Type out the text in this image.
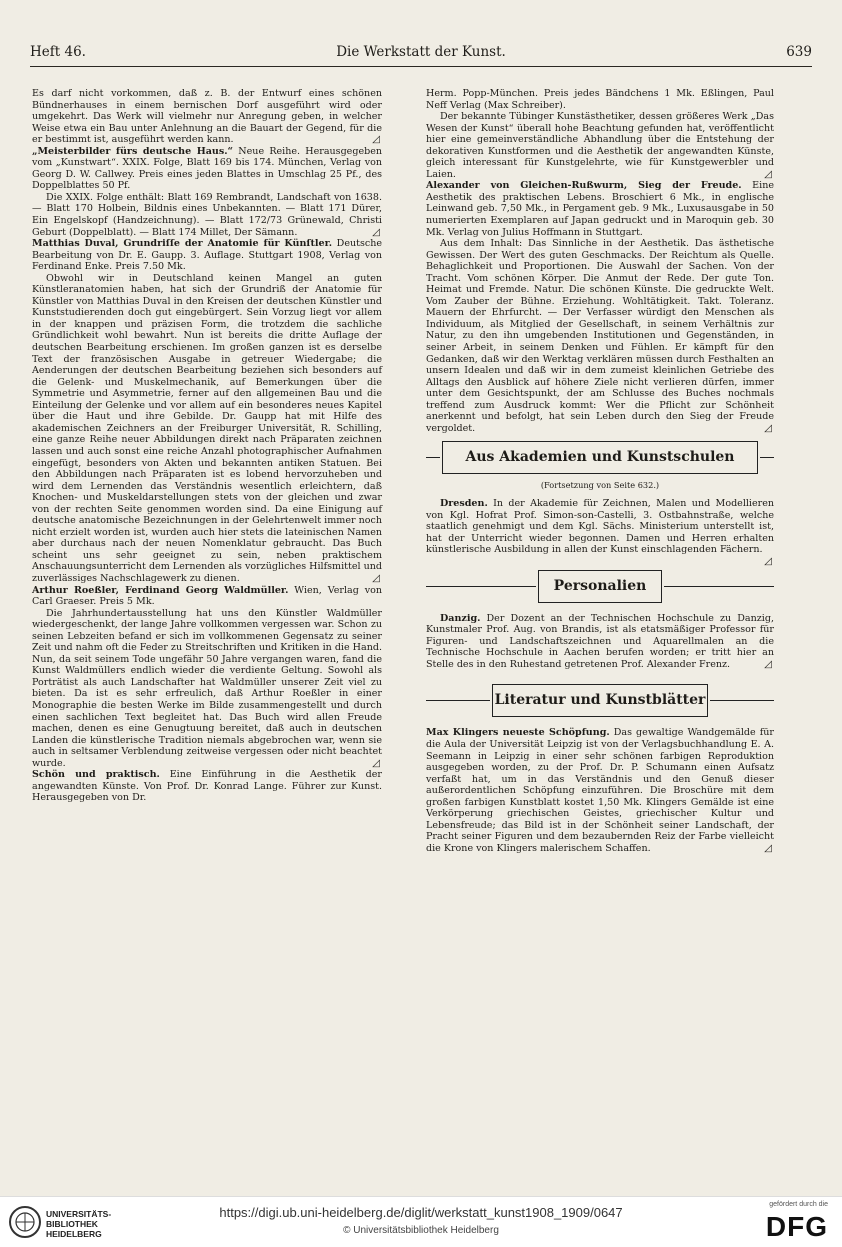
Heft 46.	Die Werkstatt der Kunst.	639

Es darf nicht vorkommen, daß z. B. der Entwurf eines schönen Bündnerhauses in einem bernischen Dorf ausgeführt wird oder umgekehrt. Das Werk will vielmehr nur Anregung geben, in welcher Weise etwa ein Bau unter Anlehnung an die Bauart der Gegend, für die er bestimmt ist, ausgeführt werden kann.	◿

„Meisterbilder fürs deutsche Haus.“ Neue Reihe. Herausgegeben vom „Kunstwart“. XXIX. Folge, Blatt 169 bis 174. München, Verlag von Georg D. W. Callwey. Preis eines jeden Blattes in Umschlag 25 Pf., des Doppelblattes 50 Pf.

Die XXIX. Folge enthält: Blatt 169 Rembrandt, Landschaft von 1638. — Blatt 170 Holbein, Bildnis eines Unbekannten. — Blatt 171 Dürer, Ein Engelskopf (Handzeichnung). — Blatt 172/73 Grünewald, Christi Geburt (Doppelblatt). — Blatt 174 Millet, Der Sämann.	◿

Matthias Duval, Grundriſſe der Anatomie für Künſtler. Deutsche Bearbeitung von Dr. E. Gaupp. 3. Auflage. Stuttgart 1908, Verlag von Ferdinand Enke. Preis 7.50 Mk.

Obwohl wir in Deutschland keinen Mangel an guten Künstleranatomien haben, hat sich der Grundriß der Anatomie für Künstler von Matthias Duval in den Kreisen der deutschen Künstler und Kunststudierenden doch gut eingebürgert. Sein Vorzug liegt vor allem in der knappen und präzisen Form, die trotzdem die sachliche Gründlichkeit wohl bewahrt. Nun ist bereits die dritte Auflage der deutschen Bearbeitung erschienen. Im großen ganzen ist es derselbe Text der französischen Ausgabe in getreuer Wiedergabe; die Aenderungen der deutschen Bearbeitung beziehen sich besonders auf die Gelenk- und Muskelmechanik, auf Bemerkungen über die Symmetrie und Asymmetrie, ferner auf den allgemeinen Bau und die Einteilung der Gelenke und vor allem auf ein besonderes neues Kapitel über die Haut und ihre Gebilde. Dr. Gaupp hat mit Hilfe des akademischen Zeichners an der Freiburger Universität, R. Schilling, eine ganze Reihe neuer Abbildungen direkt nach Präparaten zeichnen lassen und auch sonst eine reiche Anzahl photographischer Aufnahmen eingefügt, besonders von Akten und bekannten antiken Statuen. Bei den Abbildungen nach Präparaten ist es lobend hervorzuheben und wird dem Lernenden das Verständnis wesentlich erleichtern, daß Knochen- und Muskeldarstellungen stets von der gleichen und zwar von der rechten Seite genommen worden sind. Da eine Einigung auf deutsche anatomische Bezeichnungen in der Gelehrtenwelt immer noch nicht erzielt worden ist, wurden auch hier stets die lateinischen Namen aber durchaus nach der neuen Nomenklatur gebraucht. Das Buch scheint uns sehr geeignet zu sein, neben praktischem Anschauungsunterricht dem Lernenden als vorzügliches Hilfsmittel und zuverlässiges Nachschlagewerk zu dienen.	◿

Arthur Roeßler, Ferdinand Georg Waldmüller. Wien, Verlag von Carl Graeser. Preis 5 Mk.

Die Jahrhundertausstellung hat uns den Künstler Waldmüller wiedergeschenkt, der lange Jahre vollkommen vergessen war. Schon zu seinen Lebzeiten befand er sich im vollkommenen Gegensatz zu seiner Zeit und nahm oft die Feder zu Streitschriften und Kritiken in die Hand. Nun, da seit seinem Tode ungefähr 50 Jahre vergangen waren, fand die Kunst Waldmüllers endlich wieder die verdiente Geltung. Sowohl als Porträtist als auch Landschafter hat Waldmüller unserer Zeit viel zu bieten. Da ist es sehr erfreulich, daß Arthur Roeßler in einer Monographie die besten Werke im Bilde zusammengestellt und durch einen sachlichen Text begleitet hat. Das Buch wird allen Freude machen, denen es eine Genugtuung bereitet, daß auch in deutschen Landen die künstlerische Tradition niemals abgebrochen war, wenn sie auch in seltsamer Verblendung zeitweise vergessen oder nicht beachtet wurde.	◿

Schön und praktisch. Eine Einführung in die Aesthetik der angewandten Künste. Von Prof. Dr. Konrad Lange. Führer zur Kunst. Herausgegeben von Dr.

Herm. Popp-München. Preis jedes Bändchens 1 Mk. Eßlingen, Paul Neff Verlag (Max Schreiber).

Der bekannte Tübinger Kunstästhetiker, dessen größeres Werk „Das Wesen der Kunst“ überall hohe Beachtung gefunden hat, veröffentlicht hier eine gemeinverständliche Abhandlung über die Entstehung der dekorativen Kunstformen und die Aesthetik der angewandten Künste, gleich interessant für Kunstgelehrte, wie für Kunstgewerbler und Laien.	◿

Alexander von Gleichen-Rußwurm, Sieg der Freude. Eine Aesthetik des praktischen Lebens. Broschiert 6 Mk., in englische Leinwand geb. 7,50 Mk., in Pergament geb. 9 Mk., Luxusausgabe in 50 numerierten Exemplaren auf Japan gedruckt und in Maroquin geb. 30 Mk. Verlag von Julius Hoffmann in Stuttgart.

Aus dem Inhalt: Das Sinnliche in der Aesthetik. Das ästhetische Gewissen. Der Wert des guten Geschmacks. Der Reichtum als Quelle. Behaglichkeit und Proportionen. Die Auswahl der Sachen. Von der Tracht. Vom schönen Körper. Die Anmut der Rede. Der gute Ton. Heimat und Fremde. Natur. Die schönen Künste. Die gedruckte Welt. Vom Zauber der Bühne. Erziehung. Wohltätigkeit. Takt. Toleranz. Mauern der Ehrfurcht. — Der Verfasser würdigt den Menschen als Individuum, als Mitglied der Gesellschaft, in seinem Verhältnis zur Natur, zu den ihn umgebenden Institutionen und Gegenständen, in seiner Arbeit, in seinem Denken und Fühlen. Er kämpft für den Gedanken, daß wir den Werktag verklären müssen durch Festhalten an unsern Idealen und daß wir in dem zumeist kleinlichen Getriebe des Alltags den Ausblick auf höhere Ziele nicht verlieren dürfen, immer unter dem Gesichtspunkt, der am Schlusse des Buches nochmals treffend zum Ausdruck kommt: Wer die Pflicht zur Schönheit anerkennt und befolgt, hat sein Leben durch den Sieg der Freude vergoldet.	◿

Aus Akademien und Kunstschulen
(Fortsetzung von Seite 632.)

Dresden. In der Akademie für Zeichnen, Malen und Modellieren von Kgl. Hofrat Prof. Simon-son-Castelli, 3. Ostbahnstraße, welche staatlich genehmigt und dem Kgl. Sächs. Ministerium unterstellt ist, hat der Unterricht wieder begonnen. Damen und Herren erhalten künstlerische Ausbildung in allen der Kunst einschlagenden Fächern.
◿

Personalien

Danzig. Der Dozent an der Technischen Hochschule zu Danzig, Kunstmaler Prof. Aug. von Brandis, ist als etatsmäßiger Professor für Figuren- und Landschaftszeichnen und Aquarellmalen an die Technische Hochschule in Aachen berufen worden; er tritt hier an Stelle des in den Ruhestand getretenen Prof. Alexander Frenz.	◿

Literatur und Kunstblätter

Max Klingers neueste Schöpfung. Das gewaltige Wandgemälde für die Aula der Universität Leipzig ist von der Verlagsbuchhandlung E. A. Seemann in Leipzig in einer sehr schönen farbigen Reproduktion ausgegeben worden, zu der Prof. Dr. P. Schumann einen Aufsatz verfaßt hat, um in das Verständnis und den Genuß dieser außerordentlichen Schöpfung einzuführen. Die Broschüre mit dem großen farbigen Kunstblatt kostet 1,50 Mk. Klingers Gemälde ist eine Verkörperung griechischen Geistes, griechischer Kultur und Lebensfreude; das Bild ist in der Schönheit seiner Landschaft, der Pracht seiner Figuren und dem bezaubernden Reiz der Farbe vielleicht die Krone von Klingers malerischem Schaffen.	◿

UNIVERSITÄTS-
BIBLIOTHEK
HEIDELBERG
https://digi.ub.uni-heidelberg.de/diglit/werkstatt_kunst1908_1909/0647
© Universitätsbibliothek Heidelberg
gefördert durch die
DFG
